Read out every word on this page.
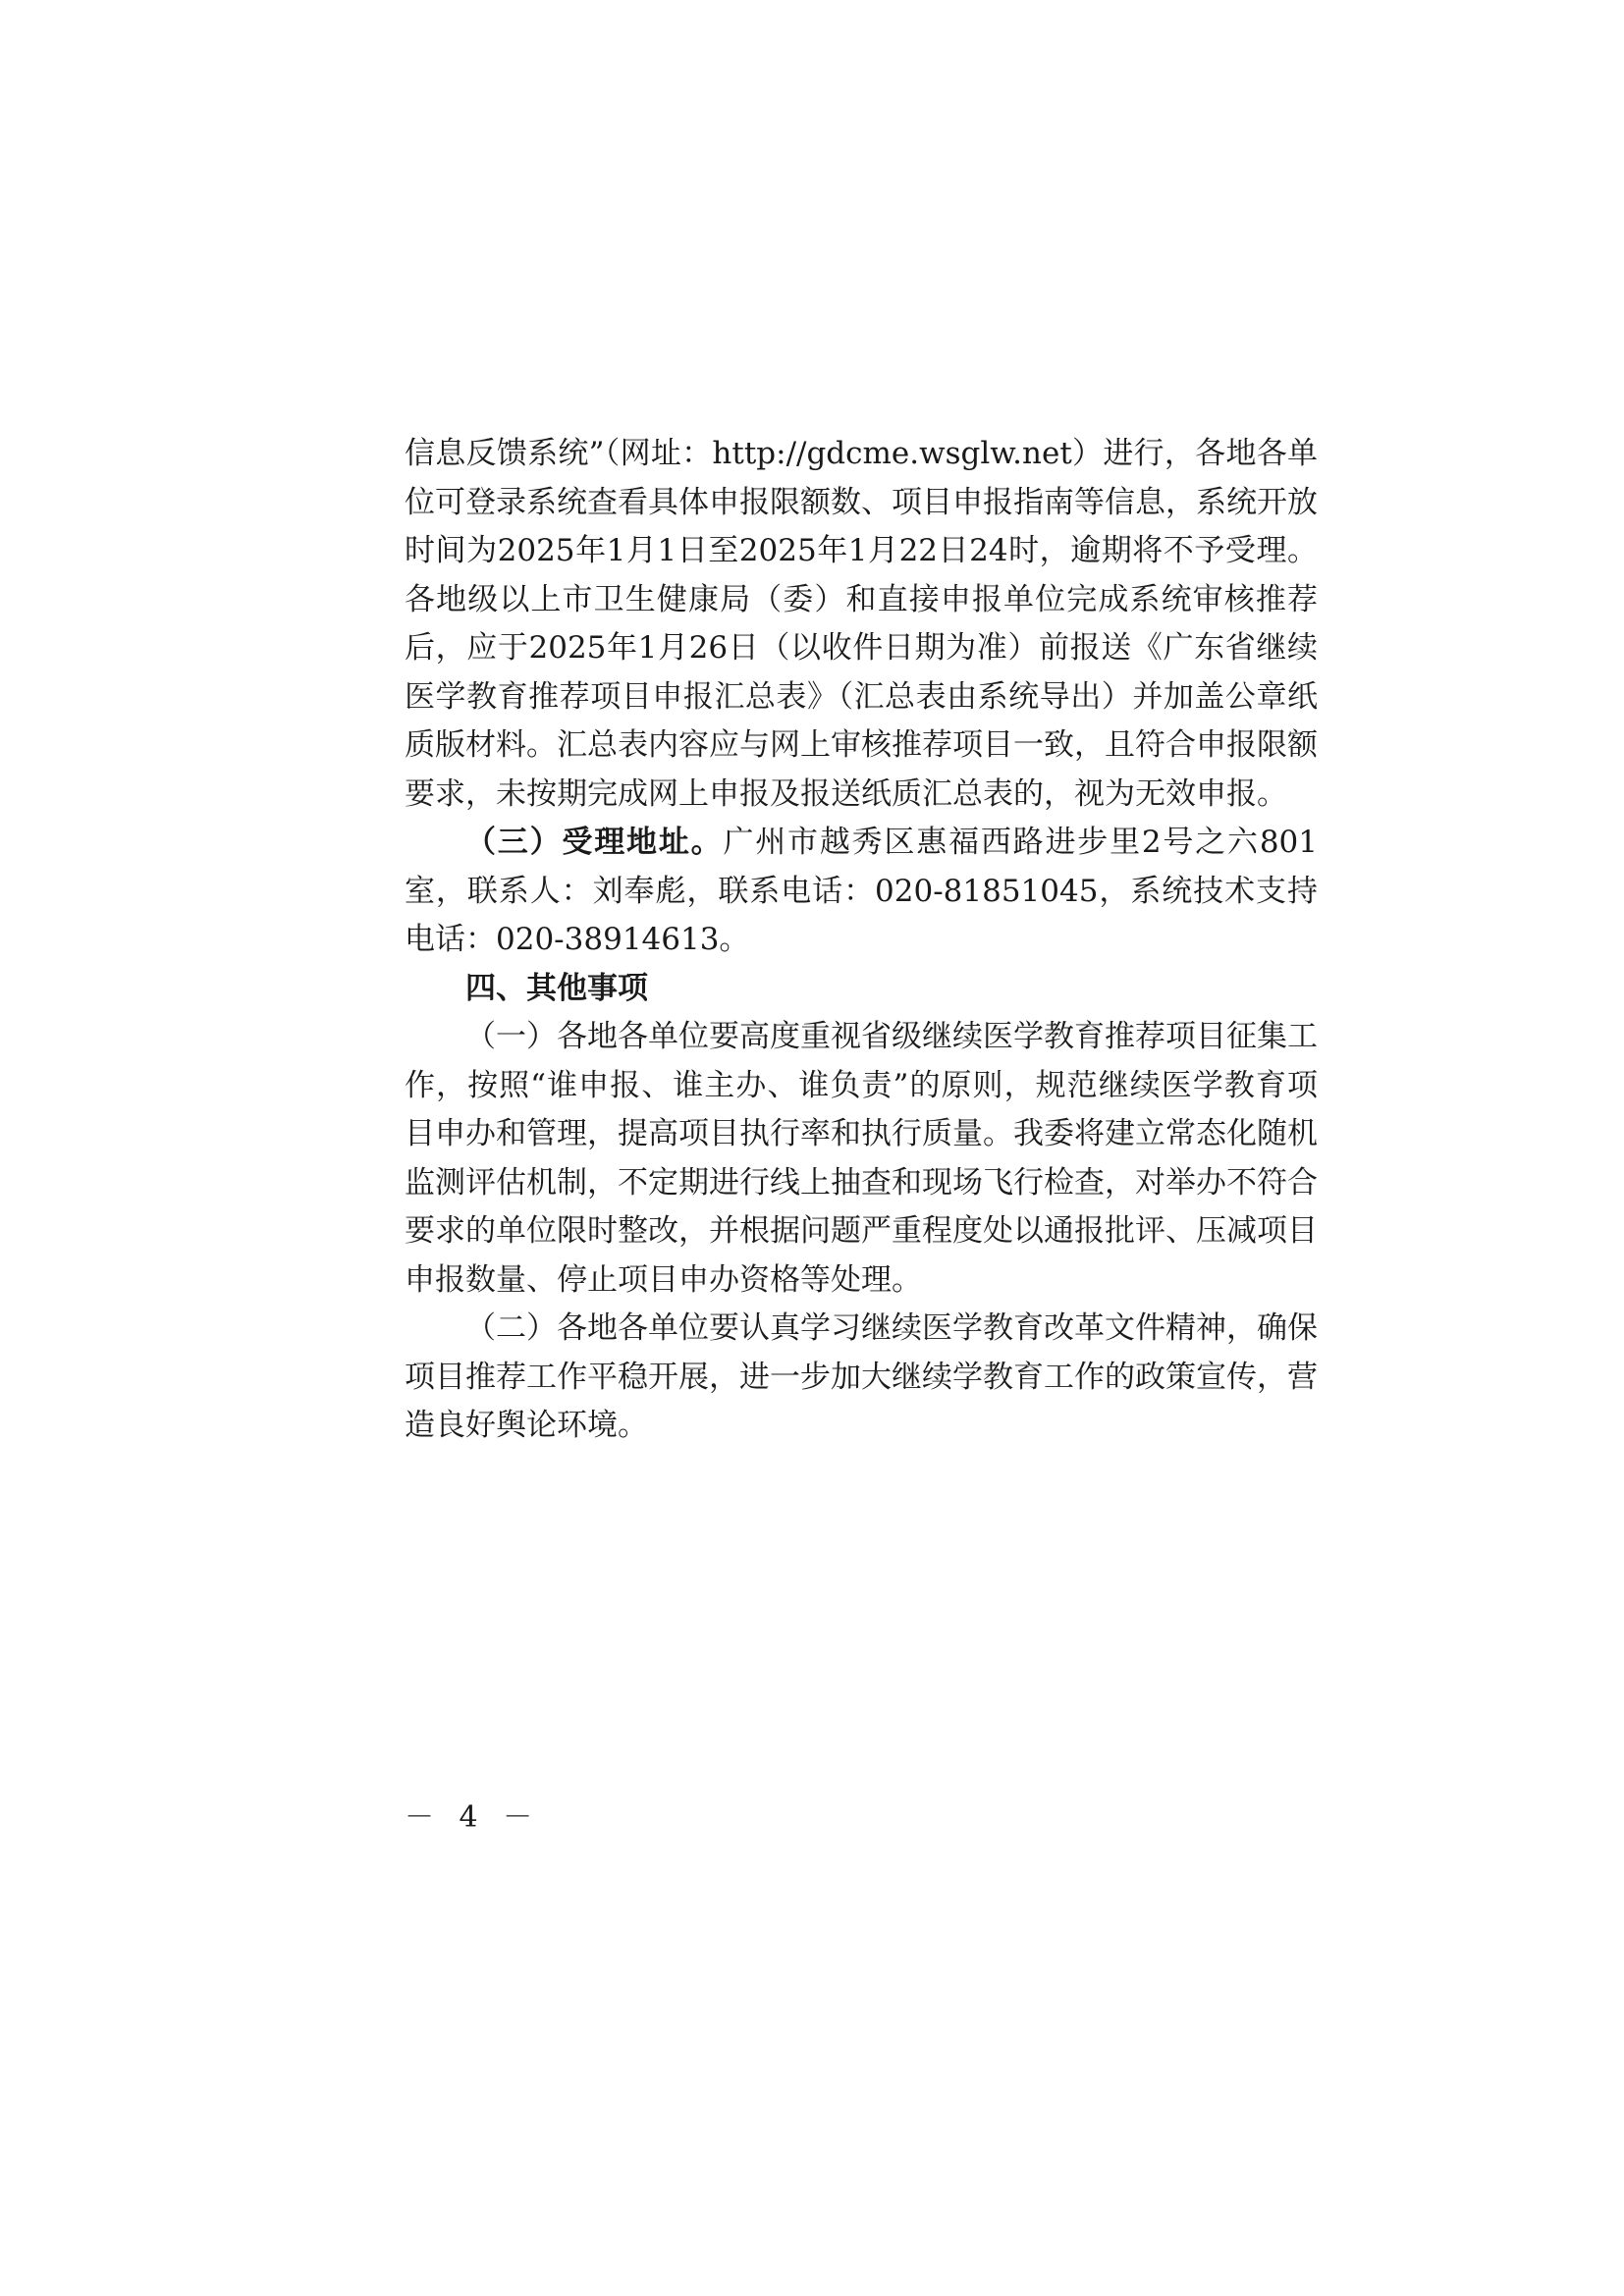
信息反馈系统”（网址：http://gdcme.wsglw.net）进行，各地各单位可登录系统查看具体申报限额数、项目申报指南等信息，系统开放时间为2025年1月1日至2025年1月22日24时，逾期将不予受理。各地级以上市卫生健康局（委）和直接申报单位完成系统审核推荐后，应于2025年1月26日（以收件日期为准）前报送《广东省继续医学教育推荐项目申报汇总表》（汇总表由系统导出）并加盖公章纸质版材料。汇总表内容应与网上审核推荐项目一致，且符合申报限额要求，未按期完成网上申报及报送纸质汇总表的，视为无效申报。

（三）受理地址。广州市越秀区惠福西路进步里2号之六801室，联系人：刘奉彪，联系电话：020-81851045，系统技术支持电话：020-38914613。

四、其他事项

（一）各地各单位要高度重视省级继续医学教育推荐项目征集工作，按照“谁申报、谁主办、谁负责”的原则，规范继续医学教育项目申办和管理，提高项目执行率和执行质量。我委将建立常态化随机监测评估机制，不定期进行线上抽查和现场飞行检查，对举办不符合要求的单位限时整改，并根据问题严重程度处以通报批评、压减项目申报数量、停止项目申办资格等处理。

（二）各地各单位要认真学习继续医学教育改革文件精神，确保项目推荐工作平稳开展，进一步加大继续学教育工作的政策宣传，营造良好舆论环境。

－ 4 －
